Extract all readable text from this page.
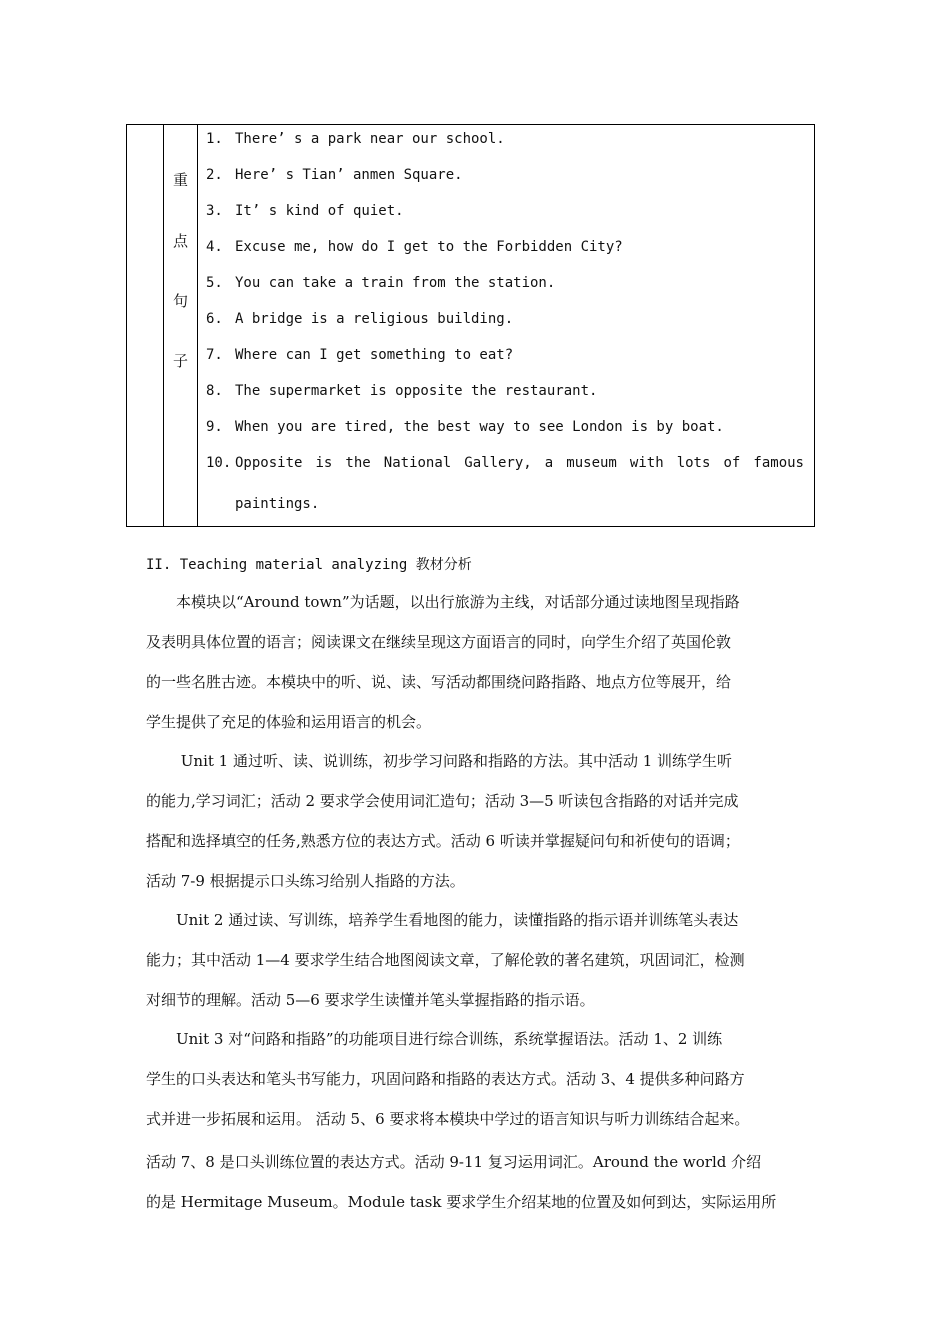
重
点
句
子

1. There’ s a park near our school.
2. Here’ s Tian’ anmen Square.
3. It’ s kind of quiet.
4. Excuse me, how do I get to the Forbidden City?
5. You can take a train from the station.
6. A bridge is a religious building.
7. Where can I get something to eat?
8. The supermarket is opposite the restaurant.
9. When you are tired, the best way to see London is by boat.
10. Opposite is the National Gallery, a museum with lots of famous
paintings.
II. Teaching material analyzing 教材分析
　　本模块以“Around town”为话题，以出行旅游为主线，对话部分通过读地图呈现指路
及表明具体位置的语言；阅读课文在继续呈现这方面语言的同时，向学生介绍了英国伦敦
的一些名胜古迹。本模块中的听、说、读、写活动都围绕问路指路、地点方位等展开，给
学生提供了充足的体验和运用语言的机会。
　　 Unit 1 通过听、读、说训练，初步学习问路和指路的方法。其中活动 1 训练学生听
的能力,学习词汇；活动 2 要求学会使用词汇造句；活动 3—5 听读包含指路的对话并完成
搭配和选择填空的任务,熟悉方位的表达方式。活动 6 听读并掌握疑问句和祈使句的语调；
活动 7-9 根据提示口头练习给别人指路的方法。
　　Unit 2 通过读、写训练，培养学生看地图的能力，读懂指路的指示语并训练笔头表达
能力；其中活动 1—4 要求学生结合地图阅读文章，了解伦敦的著名建筑，巩固词汇，检测
对细节的理解。活动 5—6 要求学生读懂并笔头掌握指路的指示语。
　　Unit 3 对“问路和指路”的功能项目进行综合训练，系统掌握语法。活动 1、2 训练
学生的口头表达和笔头书写能力，巩固问路和指路的表达方式。活动 3、4 提供多种问路方
式并进一步拓展和运用。 活动 5、6 要求将本模块中学过的语言知识与听力训练结合起来。
活动 7、8 是口头训练位置的表达方式。活动 9-11 复习运用词汇。Around the world 介绍
的是 Hermitage Museum。Module task 要求学生介绍某地的位置及如何到达，实际运用所
